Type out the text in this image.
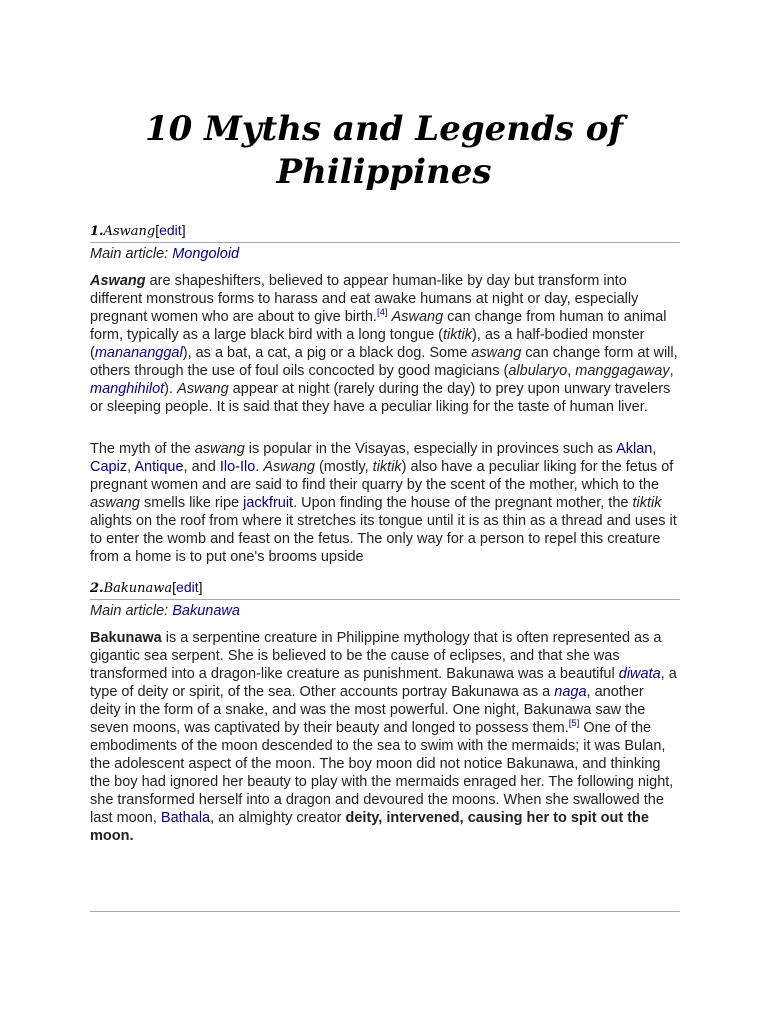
10 Myths and Legends of Philippines
1.Aswang[edit]
Main article: Mongoloid
Aswang are shapeshifters, believed to appear human-like by day but transform into different monstrous forms to harass and eat awake humans at night or day, especially pregnant women who are about to give birth.[4] Aswang can change from human to animal form, typically as a large black bird with a long tongue (tiktik), as a half-bodied monster (manananggal), as a bat, a cat, a pig or a black dog. Some aswang can change form at will, others through the use of foul oils concocted by good magicians (albularyo, manggagaway, manghihilot). Aswang appear at night (rarely during the day) to prey upon unwary travelers or sleeping people. It is said that they have a peculiar liking for the taste of human liver.
The myth of the aswang is popular in the Visayas, especially in provinces such as Aklan, Capiz, Antique, and Ilo-Ilo. Aswang (mostly, tiktik) also have a peculiar liking for the fetus of pregnant women and are said to find their quarry by the scent of the mother, which to the aswang smells like ripe jackfruit. Upon finding the house of the pregnant mother, the tiktik alights on the roof from where it stretches its tongue until it is as thin as a thread and uses it to enter the womb and feast on the fetus. The only way for a person to repel this creature from a home is to put one's brooms upside
2.Bakunawa[edit]
Main article: Bakunawa
Bakunawa is a serpentine creature in Philippine mythology that is often represented as a gigantic sea serpent. She is believed to be the cause of eclipses, and that she was transformed into a dragon-like creature as punishment. Bakunawa was a beautiful diwata, a type of deity or spirit, of the sea. Other accounts portray Bakunawa as a naga, another deity in the form of a snake, and was the most powerful. One night, Bakunawa saw the seven moons, was captivated by their beauty and longed to possess them.[5] One of the embodiments of the moon descended to the sea to swim with the mermaids; it was Bulan, the adolescent aspect of the moon. The boy moon did not notice Bakunawa, and thinking the boy had ignored her beauty to play with the mermaids enraged her. The following night, she transformed herself into a dragon and devoured the moons. When she swallowed the last moon, Bathala, an almighty creator deity, intervened, causing her to spit out the moon.
